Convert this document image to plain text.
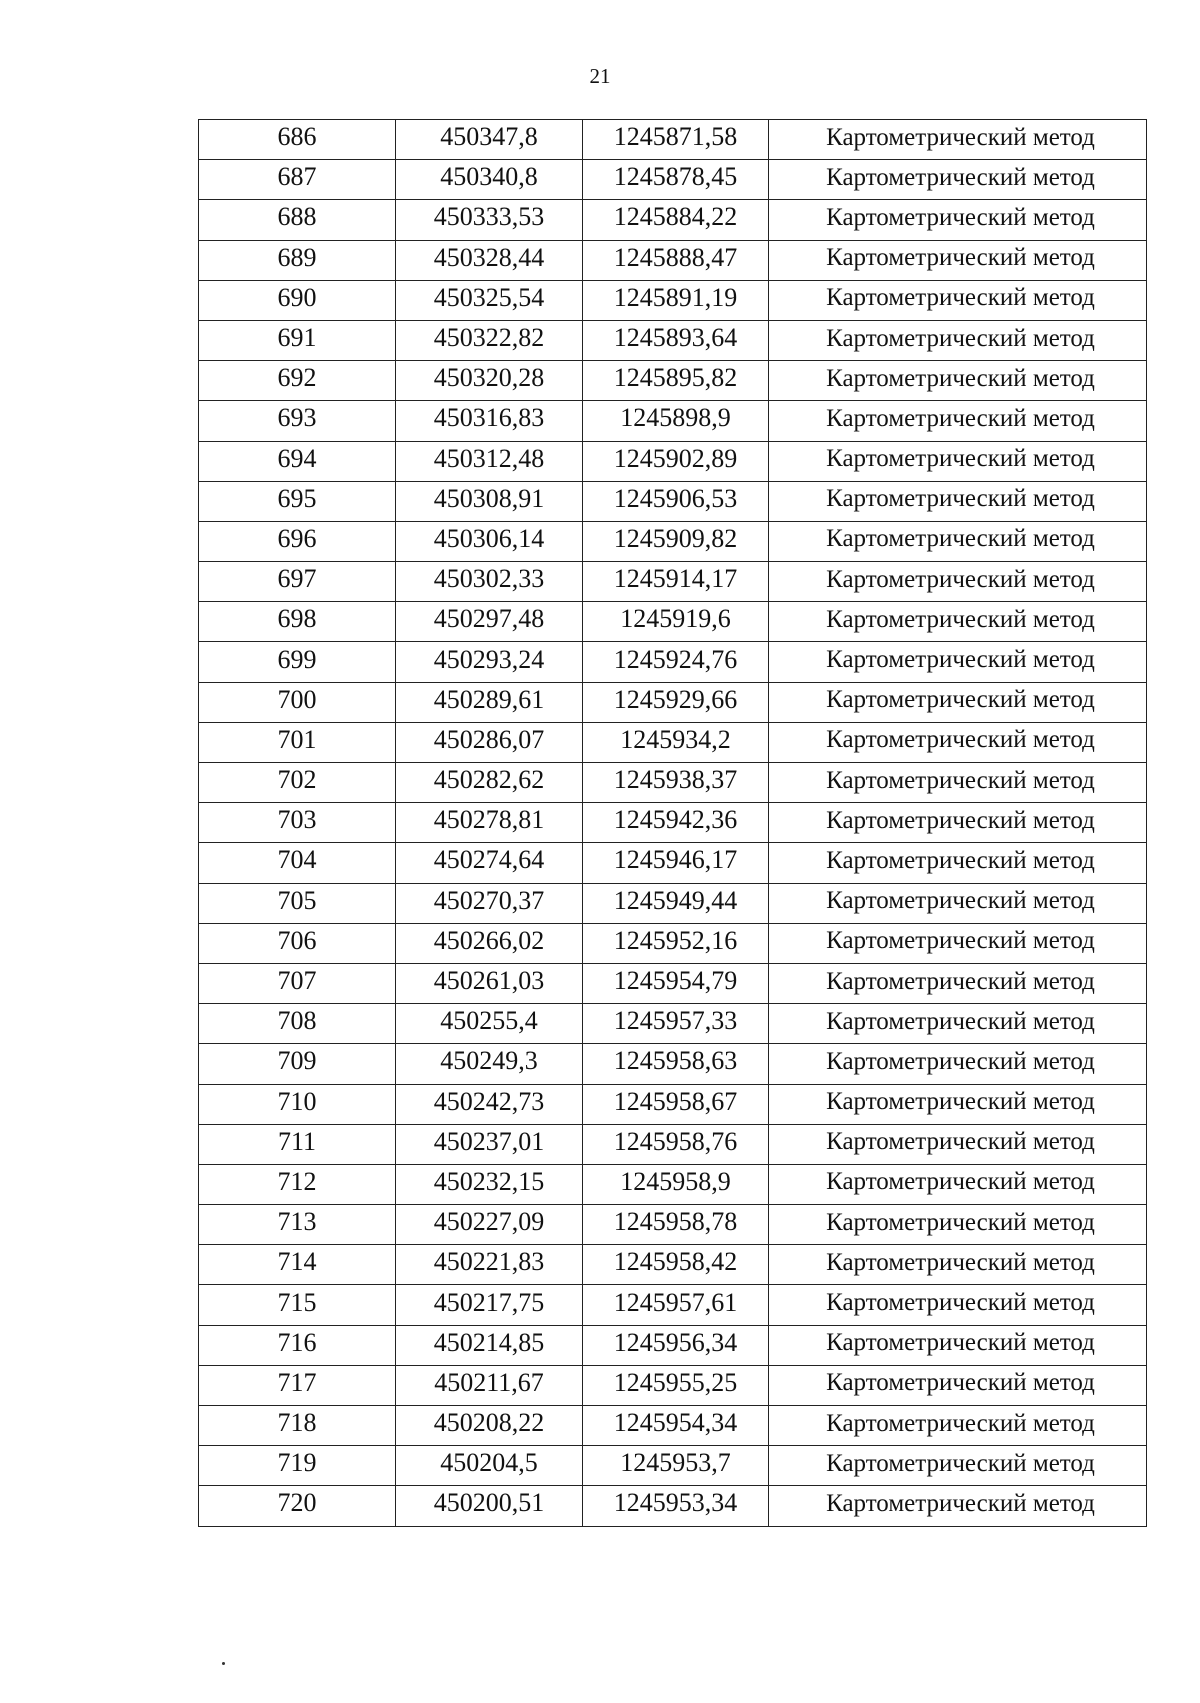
21
686	450347,8	1245871,58	Картометрический метод
687	450340,8	1245878,45	Картометрический метод
688	450333,53	1245884,22	Картометрический метод
689	450328,44	1245888,47	Картометрический метод
690	450325,54	1245891,19	Картометрический метод
691	450322,82	1245893,64	Картометрический метод
692	450320,28	1245895,82	Картометрический метод
693	450316,83	1245898,9	Картометрический метод
694	450312,48	1245902,89	Картометрический метод
695	450308,91	1245906,53	Картометрический метод
696	450306,14	1245909,82	Картометрический метод
697	450302,33	1245914,17	Картометрический метод
698	450297,48	1245919,6	Картометрический метод
699	450293,24	1245924,76	Картометрический метод
700	450289,61	1245929,66	Картометрический метод
701	450286,07	1245934,2	Картометрический метод
702	450282,62	1245938,37	Картометрический метод
703	450278,81	1245942,36	Картометрический метод
704	450274,64	1245946,17	Картометрический метод
705	450270,37	1245949,44	Картометрический метод
706	450266,02	1245952,16	Картометрический метод
707	450261,03	1245954,79	Картометрический метод
708	450255,4	1245957,33	Картометрический метод
709	450249,3	1245958,63	Картометрический метод
710	450242,73	1245958,67	Картометрический метод
711	450237,01	1245958,76	Картометрический метод
712	450232,15	1245958,9	Картометрический метод
713	450227,09	1245958,78	Картометрический метод
714	450221,83	1245958,42	Картометрический метод
715	450217,75	1245957,61	Картометрический метод
716	450214,85	1245956,34	Картометрический метод
717	450211,67	1245955,25	Картометрический метод
718	450208,22	1245954,34	Картометрический метод
719	450204,5	1245953,7	Картометрический метод
720	450200,51	1245953,34	Картометрический метод
